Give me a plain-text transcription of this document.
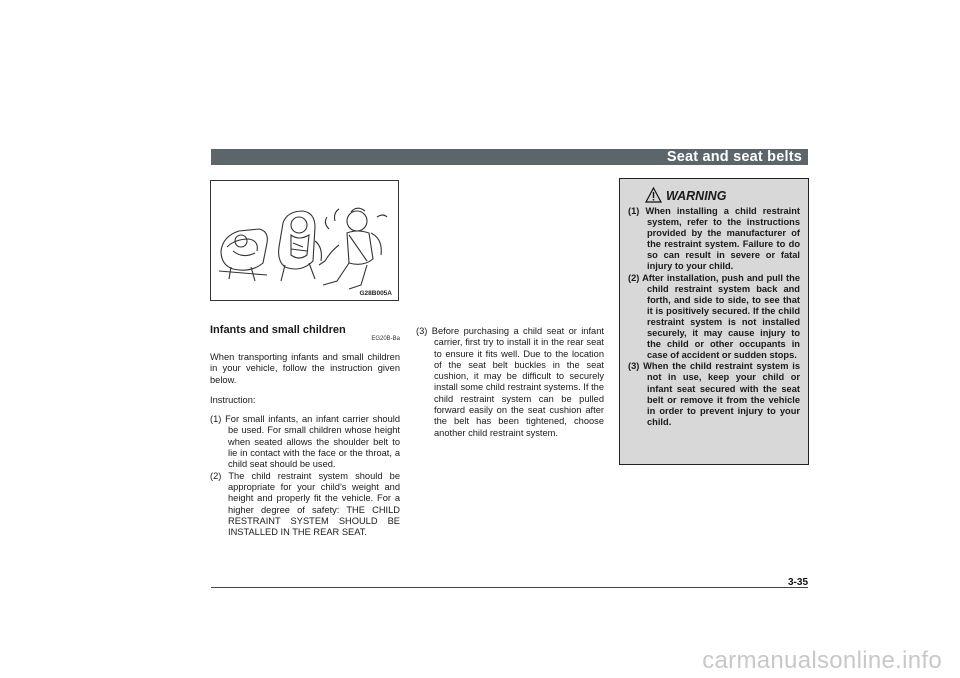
Seat and seat belts
G28B005A
Infants and small children
EG20B-Ba

When transporting infants and small children in your vehicle, follow the instruction given below.

Instruction:

(1) For small infants, an infant carrier should be used. For small children whose height when seated allows the shoulder belt to lie in contact with the face or the throat, a child seat should be used.
(2) The child restraint system should be appropriate for your child’s weight and height and properly fit the vehicle. For a higher degree of safety: THE CHILD RESTRAINT SYSTEM SHOULD BE INSTALLED IN THE REAR SEAT.
(3) Before purchasing a child seat or infant carrier, first try to install it in the rear seat to ensure it fits well. Due to the location of the seat belt buckles in the seat cushion, it may be difficult to securely install some child restraint systems. If the child restraint system can be pulled forward easily on the seat cushion after the belt has been tightened, choose another child restraint system.
WARNING
(1) When installing a child restraint system, refer to the instructions provided by the manufacturer of the restraint system. Failure to do so can result in severe or fatal injury to your child.
(2) After installation, push and pull the child restraint system back and forth, and side to side, to see that it is positively secured. If the child restraint system is not installed securely, it may cause injury to the child or other occupants in case of accident or sudden stops.
(3) When the child restraint system is not in use, keep your child or infant seat secured with the seat belt or remove it from the vehicle in order to prevent injury to your child.
3-35
carmanualsonline.info
